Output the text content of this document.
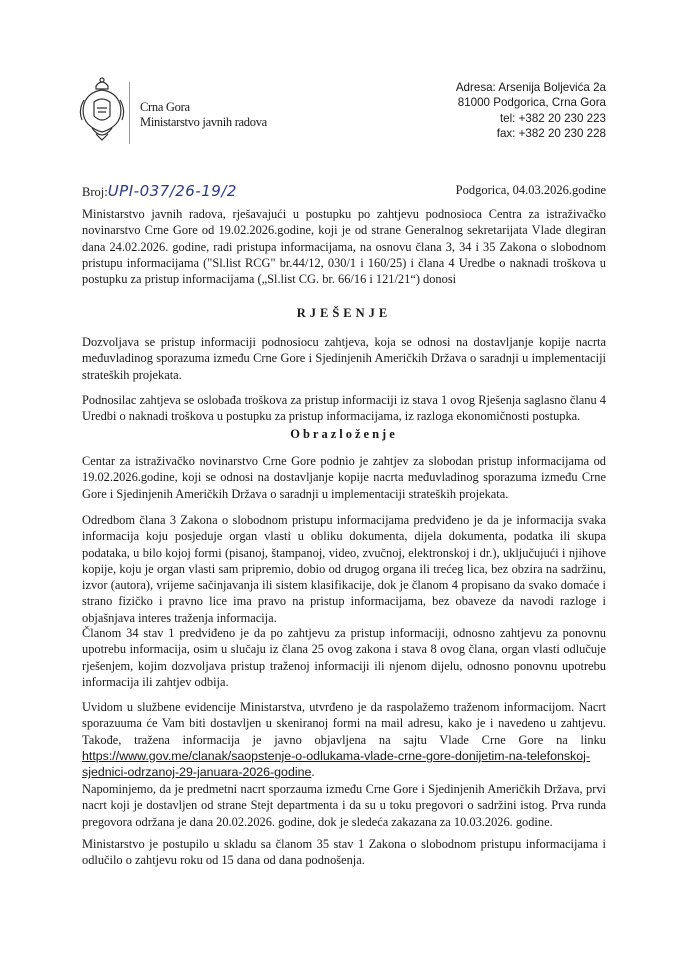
Crna Gora
Ministarstvo javnih radova
Adresa: Arsenija Boljevića 2a
81000 Podgorica, Crna Gora
tel: +382 20 230 223
fax: +382 20 230 228
Broj:UPI-037/26-19/2	Podgorica, 04.03.2026.godine

Ministarstvo javnih radova, rješavajući u postupku po zahtjevu podnosioca Centra za istraživačko novinarstvo Crne Gore od 19.02.2026.godine, koji je od strane Generalnog sekretarijata Vlade dlegiran dana 24.02.2026. godine, radi pristupa informacijama, na osnovu člana 3, 34 i 35 Zakona o slobodnom pristupu informacijama ("Sl.list RCG" br.44/12, 030/1 i 160/25) i člana 4 Uredbe o naknadi troškova u postupku za pristup informacijama („Sl.list CG. br. 66/16 i 121/21“) donosi

RJEŠENJE

Dozvoljava se pristup informaciji podnosiocu zahtjeva, koja se odnosi na dostavljanje kopije nacrta međuvladinog sporazuma između Crne Gore i Sjedinjenih Američkih Država o saradnji u implementaciji strateških projekata.

Podnosilac zahtjeva se oslobađa troškova za pristup informaciji iz stava 1 ovog Rješenja saglasno članu 4 Uredbi o naknadi troškova u postupku za pristup informacijama, iz razloga ekonomičnosti postupka.

Obrazloženje

Centar za istraživačko novinarstvo Crne Gore podnio je zahtjev za slobodan pristup informacijama od 19.02.2026.godine, koji se odnosi na dostavljanje kopije nacrta međuvladinog sporazuma između Crne Gore i Sjedinjenih Američkih Država o saradnji u implementaciji strateških projekata.

Odredbom člana 3 Zakona o slobodnom pristupu informacijama predviđeno je da je informacija svaka informacija koju posjeduje organ vlasti u obliku dokumenta, dijela dokumenta, podatka ili skupa podataka, u bilo kojoj formi (pisanoj, štampanoj, video, zvučnoj, elektronskoj i dr.), uključujući i njihove kopije, koju je organ vlasti sam pripremio, dobio od drugog organa ili trećeg lica, bez obzira na sadržinu, izvor (autora), vrijeme sačinjavanja ili sistem klasifikacije, dok je članom 4 propisano da svako domaće i strano fizičko i pravno lice ima pravo na pristup informacijama, bez obaveze da navodi razloge i objašnjava interes traženja informacija.

Članom 34 stav 1 predviđeno je da po zahtjevu za pristup informaciji, odnosno zahtjevu za ponovnu upotrebu informacija, osim u slučaju iz člana 25 ovog zakona i stava 8 ovog člana, organ vlasti odlučuje rješenjem, kojim dozvoljava pristup traženoj informaciji ili njenom dijelu, odnosno ponovnu upotrebu informacija ili zahtjev odbija.

Uvidom u službene evidencije Ministarstva, utvrđeno je da raspolažemo traženom informacijom. Nacrt sporazuuma će Vam biti dostavljen u skeniranoj formi na mail adresu, kako je i navedeno u zahtjevu. Takođe, tražena informacija je javno objavljena na sajtu Vlade Crne Gore na linku

https://www.gov.me/clanak/saopstenje-o-odlukama-vlade-crne-gore-donijetim-na-telefonskoj-sjednici-odrzanoj-29-januara-2026-godine.

Napominjemo, da je predmetni nacrt sporzauma između Crne Gore i Sjedinjenih Američkih Država, prvi nacrt koji je dostavljen od strane Stejt departmenta i da su u toku pregovori o sadržini istog. Prva runda pregovora održana je dana 20.02.2026. godine, dok je sledeća zakazana za 10.03.2026. godine.

Ministarstvo je postupilo u skladu sa članom 35 stav 1 Zakona o slobodnom pristupu informacijama i odlučilo o zahtjevu roku od 15 dana od dana podnošenja.
